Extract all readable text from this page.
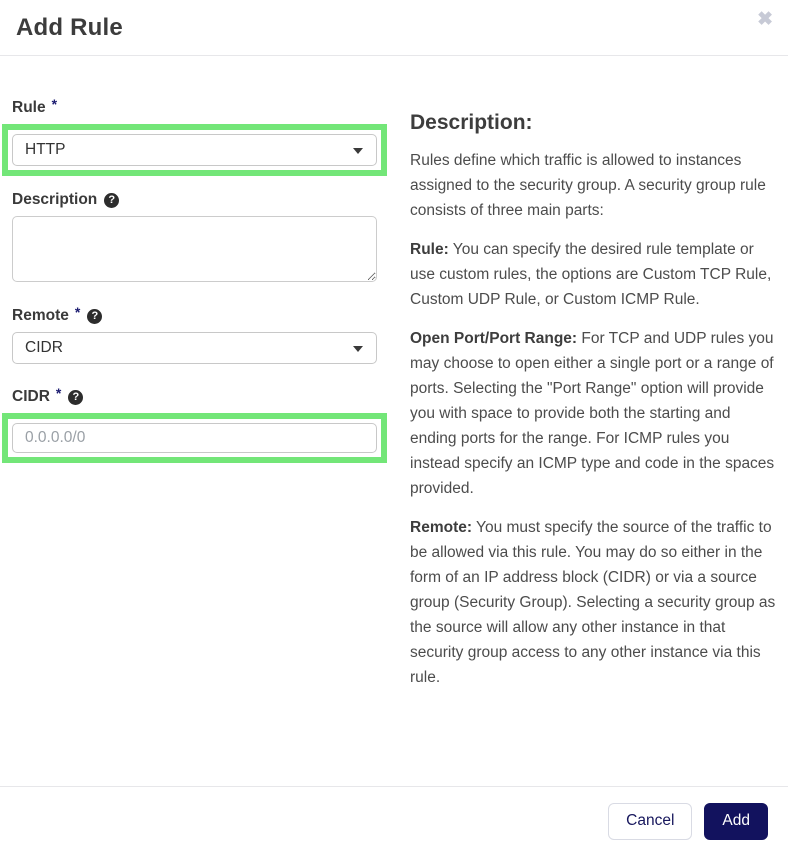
Add Rule	✖
Rule *
HTTP
Description	?
Remote *	?
CIDR
CIDR *	?
0.0.0.0/0
Description:

Rules define which traffic is allowed to instances assigned to the security group. A security group rule consists of three main parts:

Rule: You can specify the desired rule template or use custom rules, the options are Custom TCP Rule, Custom UDP Rule, or Custom ICMP Rule.

Open Port/Port Range: For TCP and UDP rules you may choose to open either a single port or a range of ports. Selecting the "Port Range" option will provide you with space to provide both the starting and ending ports for the range. For ICMP rules you instead specify an ICMP type and code in the spaces provided.

Remote: You must specify the source of the traffic to be allowed via this rule. You may do so either in the form of an IP address block (CIDR) or via a source group (Security Group). Selecting a security group as the source will allow any other instance in that security group access to any other instance via this rule.

Cancel	Add
